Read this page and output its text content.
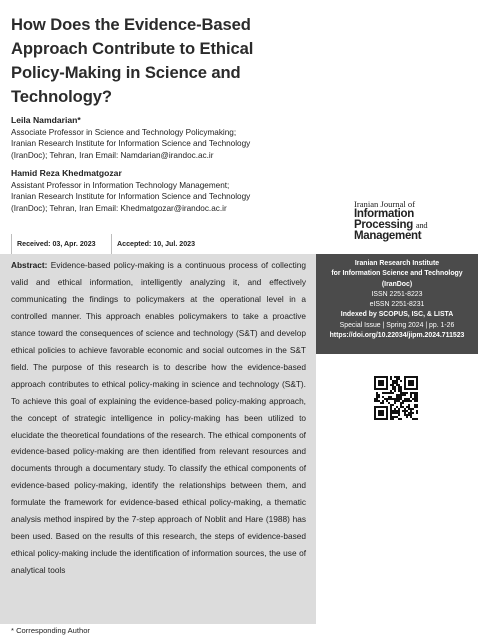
How Does the Evidence-Based
Approach Contribute to Ethical
Policy-Making in Science and
Technology?
Leila Namdarian*
Associate Professor in Science and Technology Policymaking;
Iranian Research Institute for Information Science and Technology
(IranDoc); Tehran, Iran Email: Namdarian@irandoc.ac.ir
Hamid Reza Khedmatgozar
Assistant Professor in Information Technology Management;
Iranian Research Institute for Information Science and Technology
(IranDoc); Tehran, Iran Email: Khedmatgozar@irandoc.ac.ir
Received: 03, Apr. 2023	Accepted: 10, Jul. 2023
Iranian Journal of
Information
Processing and
Management
Abstract: Evidence-based policy-making is a continuous process of collecting valid and ethical information, intelligently analyzing it, and effectively communicating the findings to policymakers at the operational level in a controlled manner. This approach enables policymakers to take a proactive stance toward the consequences of science and technology (S&T) and develop ethical policies to achieve favorable economic and social outcomes in the S&T field. The purpose of this research is to describe how the evidence-based approach contributes to ethical policy-making in science and technology (S&T). To achieve this goal of explaining the evidence-based policy-making approach, the concept of strategic intelligence in policy-making has been utilized to elucidate the theoretical foundations of the research. The ethical components of evidence-based policy-making are then identified from relevant resources and documents through a documentary study. To classify the ethical components of evidence-based policy-making, identify the relationships between them, and formulate the framework for evidence-based ethical policy-making, a thematic analysis method inspired by the 7-step approach of Noblit and Hare (1988) has been used. Based on the results of this research, the steps of evidence-based ethical policy-making include the identification of information sources, the use of analytical tools
Iranian Research Institute
for Information Science and Technology
(IranDoc)
ISSN 2251-8223
eISSN 2251-8231
Indexed by SCOPUS, ISC, & LISTA
Special Issue | Spring 2024 | pp. 1-26
https://doi.org/10.22034/jipm.2024.711523
* Corresponding Author
